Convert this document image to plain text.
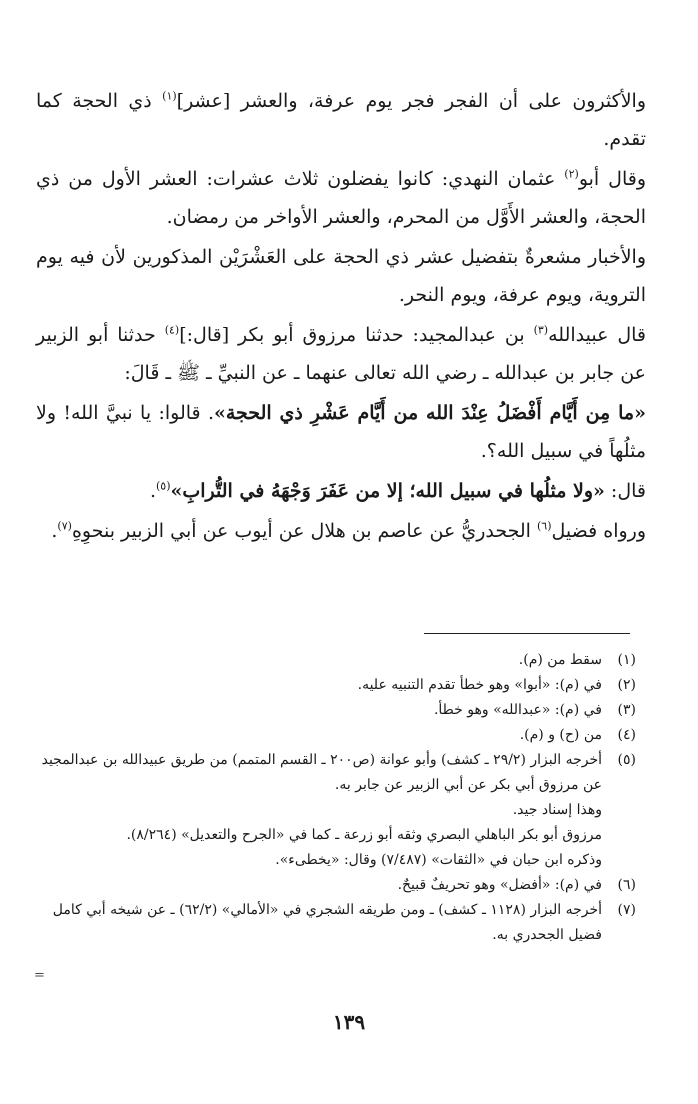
والأكثرون على أن الفجر فجر يوم عرفة، والعشر [عشر]$^{(١)}$ ذي الحجة كما تقدم.

وقال أبو$^{(٢)}$ عثمان النهدي: كانوا يفضلون ثلاث عشرات: العشر الأول من ذي الحجة، والعشر الأَوَّل من المحرم، والعشر الأواخر من رمضان.

والأخبار مشعرةٌ بتفضيل عشر ذي الحجة على العَشْرَيْن المذكورين لأن فيه يوم التروية، ويوم عرفة، ويوم النحر.

قال عبيدالله$^{(٣)}$ بن عبدالمجيد: حدثنا مرزوق أبو بكر [قال:]$^{(٤)}$ حدثنا أبو الزبير عن جابر بن عبدالله ـ رضي الله تعالى عنهما ـ عن النبيِّ ـ ﷺ ـ قَالَ:

«ما مِن أَيَّام أَفْضَلُ عِنْدَ الله من أَيَّام عَشْرِ ذي الحجة». قالوا: يا نبيَّ الله! ولا مثلُهاً في سبيل الله؟.

قال: «ولا مثلُها في سبيل الله؛ إلا من عَفَرَ وَجْهَهُ في التُّرابِ»$^{(٥)}$.

ورواه فضيل$^{(٦)}$ الجحدريُّ عن عاصم بن هلال عن أيوب عن أبي الزبير بنحوِهِ$^{(٧)}$.

(١)
سقط من (م).
(٢)
في (م): «أبوا» وهو خطأ تقدم التنبيه عليه.
(٣)
في (م): «عبدالله» وهو خطأ.
(٤)
من (ح) و (م).
(٥)
أخرجه البزار (٢٩/٢ ـ كشف) وأبو عوانة (ص٢٠٠ ـ القسم المتمم) من طريق عبيدالله بن عبدالمجيد عن مرزوق أبي بكر عن أبي الزبير عن جابر به.
وهذا إسناد جيد.
مرزوق أبو بكر الباهلي البصري وثقه أبو زرعة ـ كما في «الجرح والتعديل» (٨/٢٦٤).
وذكره ابن حبان في «الثقات» (٧/٤٨٧) وقال: «يخطىء».
(٦)
في (م): «أفضل» وهو تحريفٌ قبيحٌ.
(٧)
أخرجه البزار (١١٢٨ ـ كشف) ـ ومن طريقه الشجري في «الأمالي» (٦٢/٢) ـ عن شيخه أبي كامل فضيل الجحدري به.
=
١٣٩
